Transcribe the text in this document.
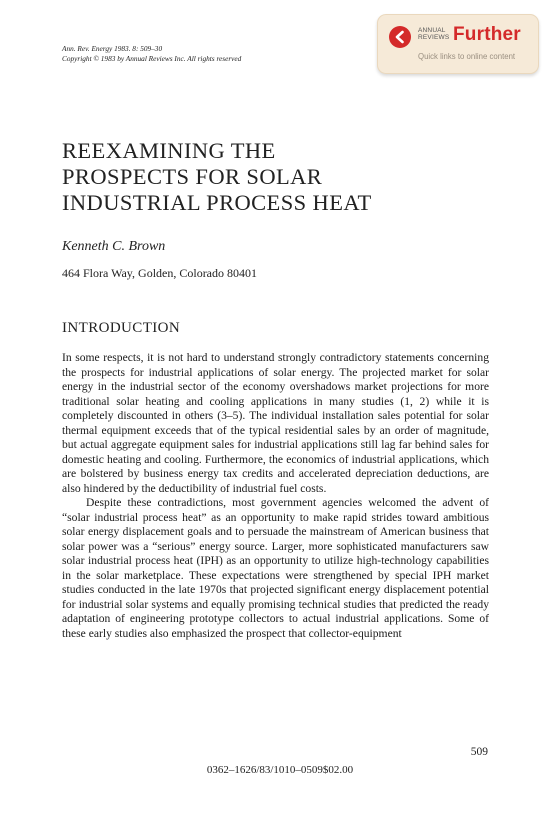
Ann. Rev. Energy 1983. 8: 509–30
Copyright © 1983 by Annual Reviews Inc. All rights reserved
ANNUAL
REVIEWS Further
Quick links to online content
REEXAMINING THE
PROSPECTS FOR SOLAR
INDUSTRIAL PROCESS HEAT
Kenneth C. Brown
464 Flora Way, Golden, Colorado 80401
INTRODUCTION

In some respects, it is not hard to understand strongly contradictory statements concerning the prospects for industrial applications of solar energy. The projected market for solar energy in the industrial sector of the economy overshadows market projections for more traditional solar heating and cooling applications in many studies (1, 2) while it is completely discounted in others (3–5). The individual installation sales potential for solar thermal equipment exceeds that of the typical residential sales by an order of magnitude, but actual aggregate equipment sales for industrial applications still lag far behind sales for domestic heating and cooling. Furthermore, the economics of industrial applications, which are bolstered by business energy tax credits and accelerated depreciation deductions, are also hindered by the deductibility of industrial fuel costs.

Despite these contradictions, most government agencies welcomed the advent of “solar industrial process heat” as an opportunity to make rapid strides toward ambitious solar energy displacement goals and to persuade the mainstream of American business that solar power was a “serious” energy source. Larger, more sophisticated manufacturers saw solar industrial process heat (IPH) as an opportunity to utilize high-technology capabilities in the solar marketplace. These expectations were strengthened by special IPH market studies conducted in the late 1970s that projected significant energy displacement potential for industrial solar systems and equally promising technical studies that predicted the ready adaptation of engineering prototype collectors to actual industrial applications. Some of these early studies also emphasized the prospect that collector-equipment

509
0362–1626/83/1010–0509$02.00
